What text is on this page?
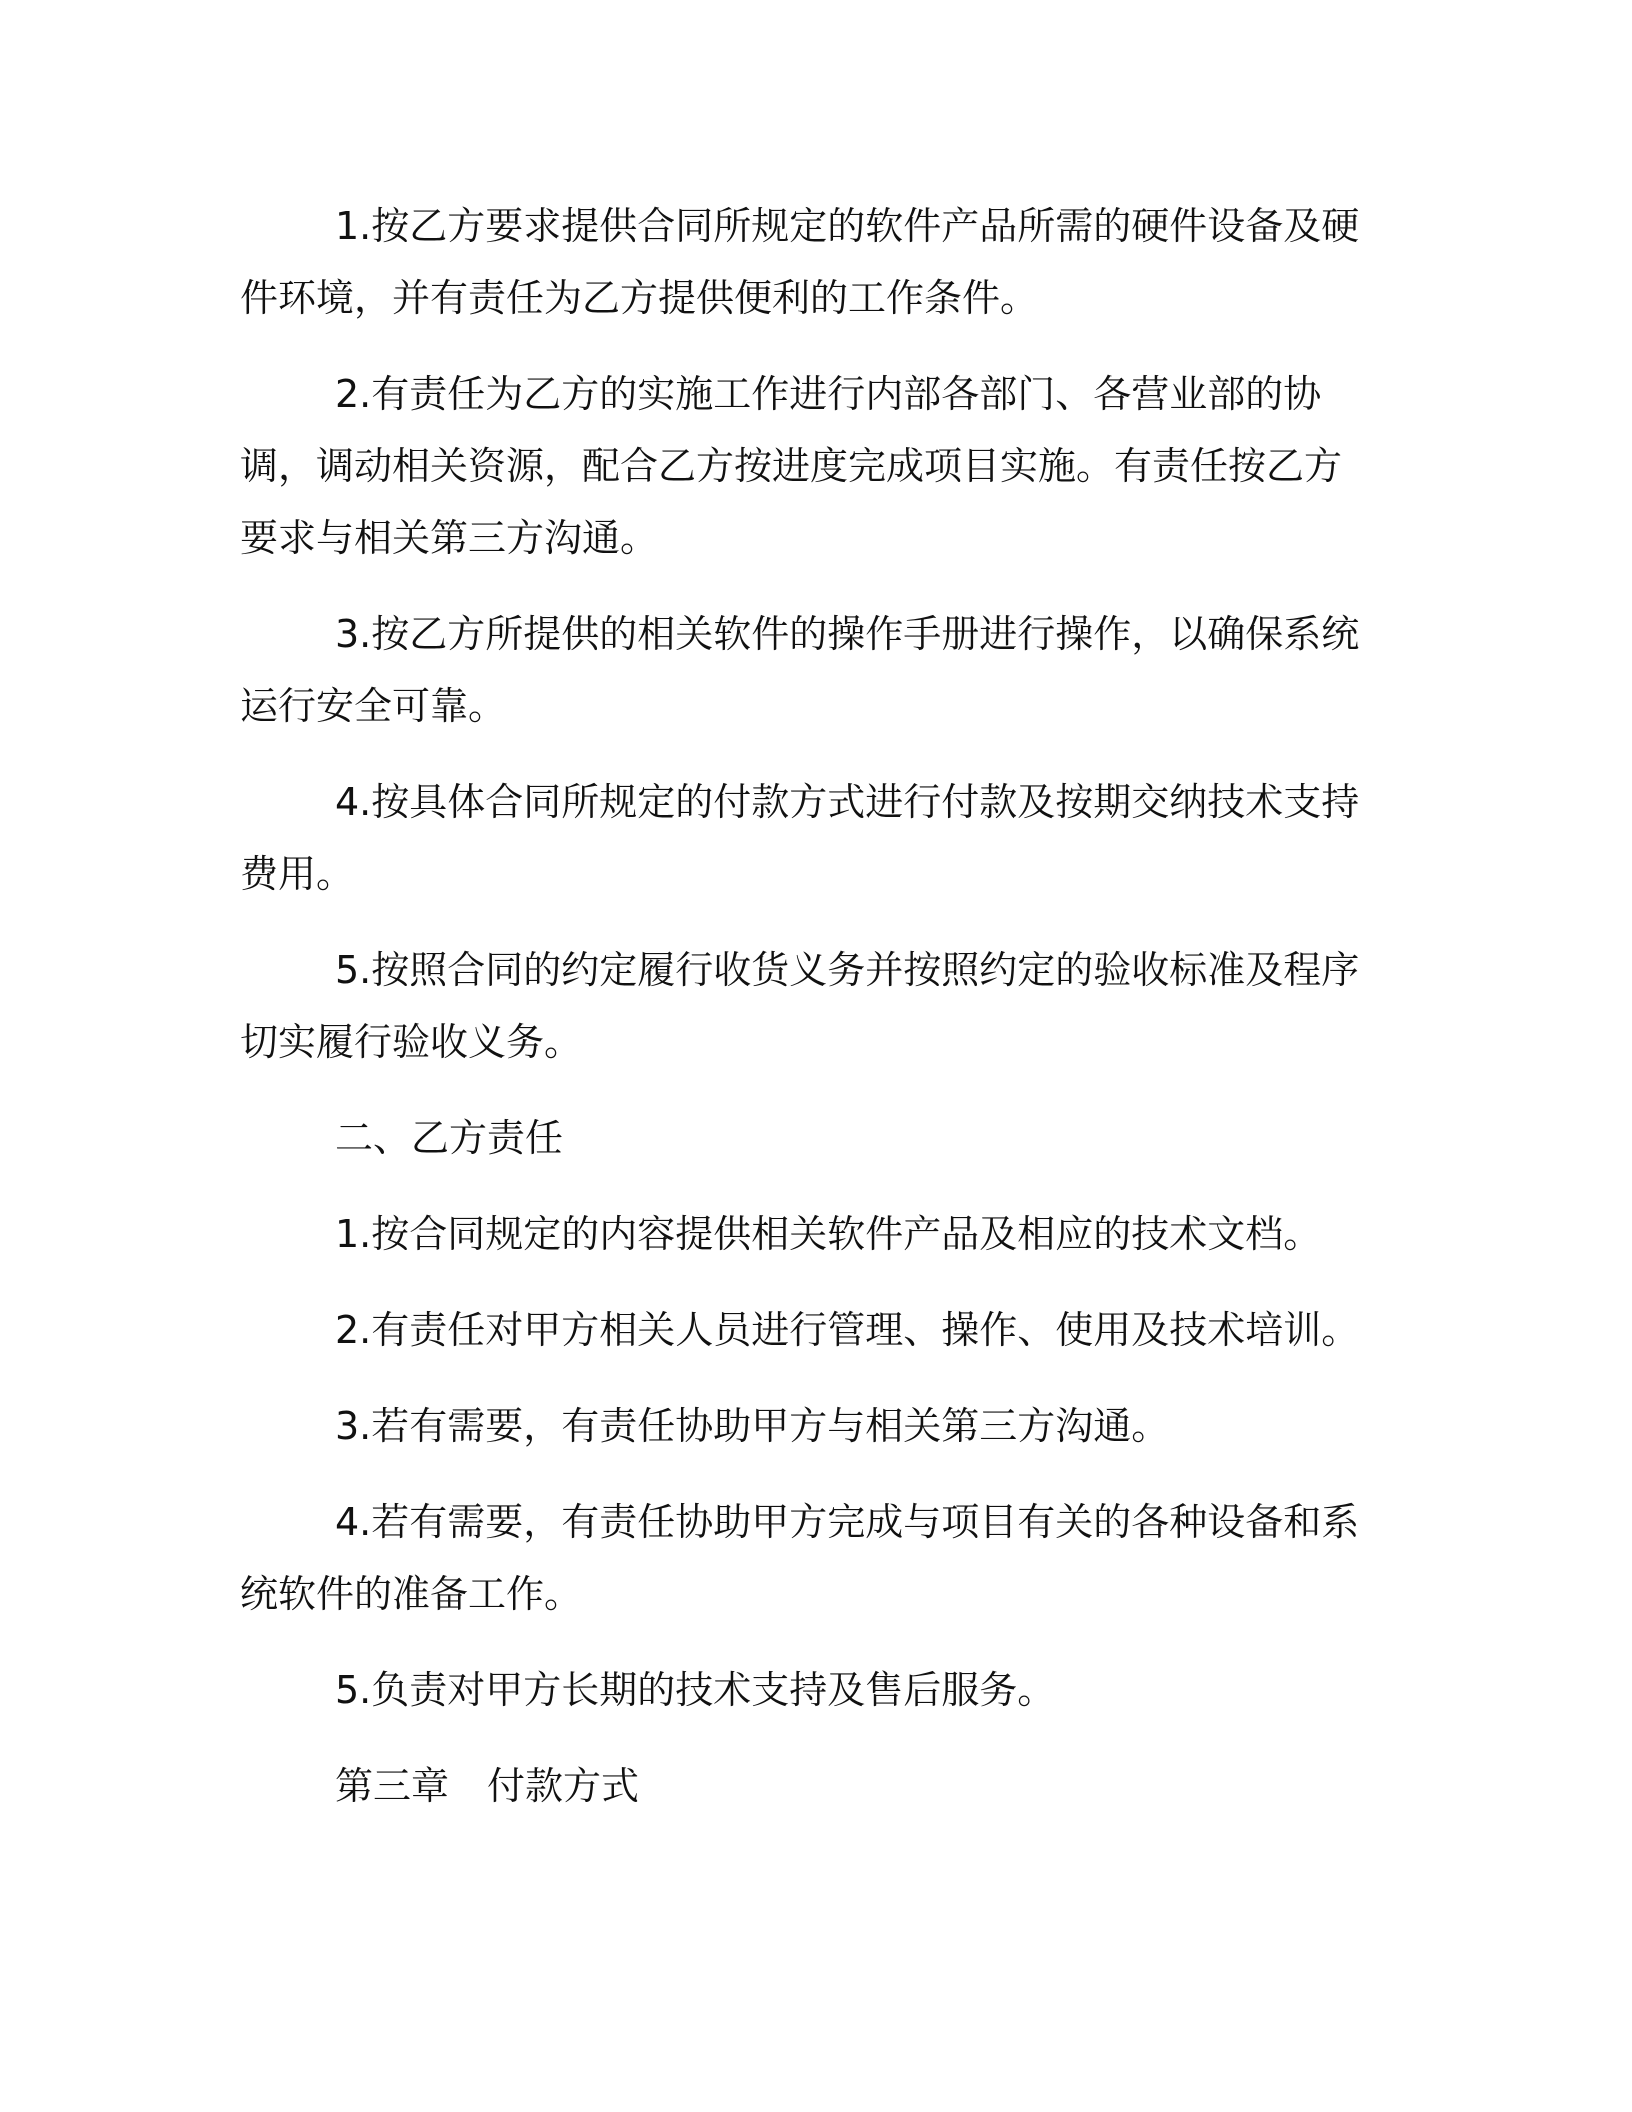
1.按乙方要求提供合同所规定的软件产品所需的硬件设备及硬件环境，并有责任为乙方提供便利的工作条件。

2.有责任为乙方的实施工作进行内部各部门、各营业部的协调，调动相关资源，配合乙方按进度完成项目实施。有责任按乙方要求与相关第三方沟通。

3.按乙方所提供的相关软件的操作手册进行操作，以确保系统运行安全可靠。

4.按具体合同所规定的付款方式进行付款及按期交纳技术支持费用。

5.按照合同的约定履行收货义务并按照约定的验收标准及程序切实履行验收义务。

二、乙方责任

1.按合同规定的内容提供相关软件产品及相应的技术文档。

2.有责任对甲方相关人员进行管理、操作、使用及技术培训。

3.若有需要，有责任协助甲方与相关第三方沟通。

4.若有需要，有责任协助甲方完成与项目有关的各种设备和系统软件的准备工作。

5.负责对甲方长期的技术支持及售后服务。

第三章　付款方式
